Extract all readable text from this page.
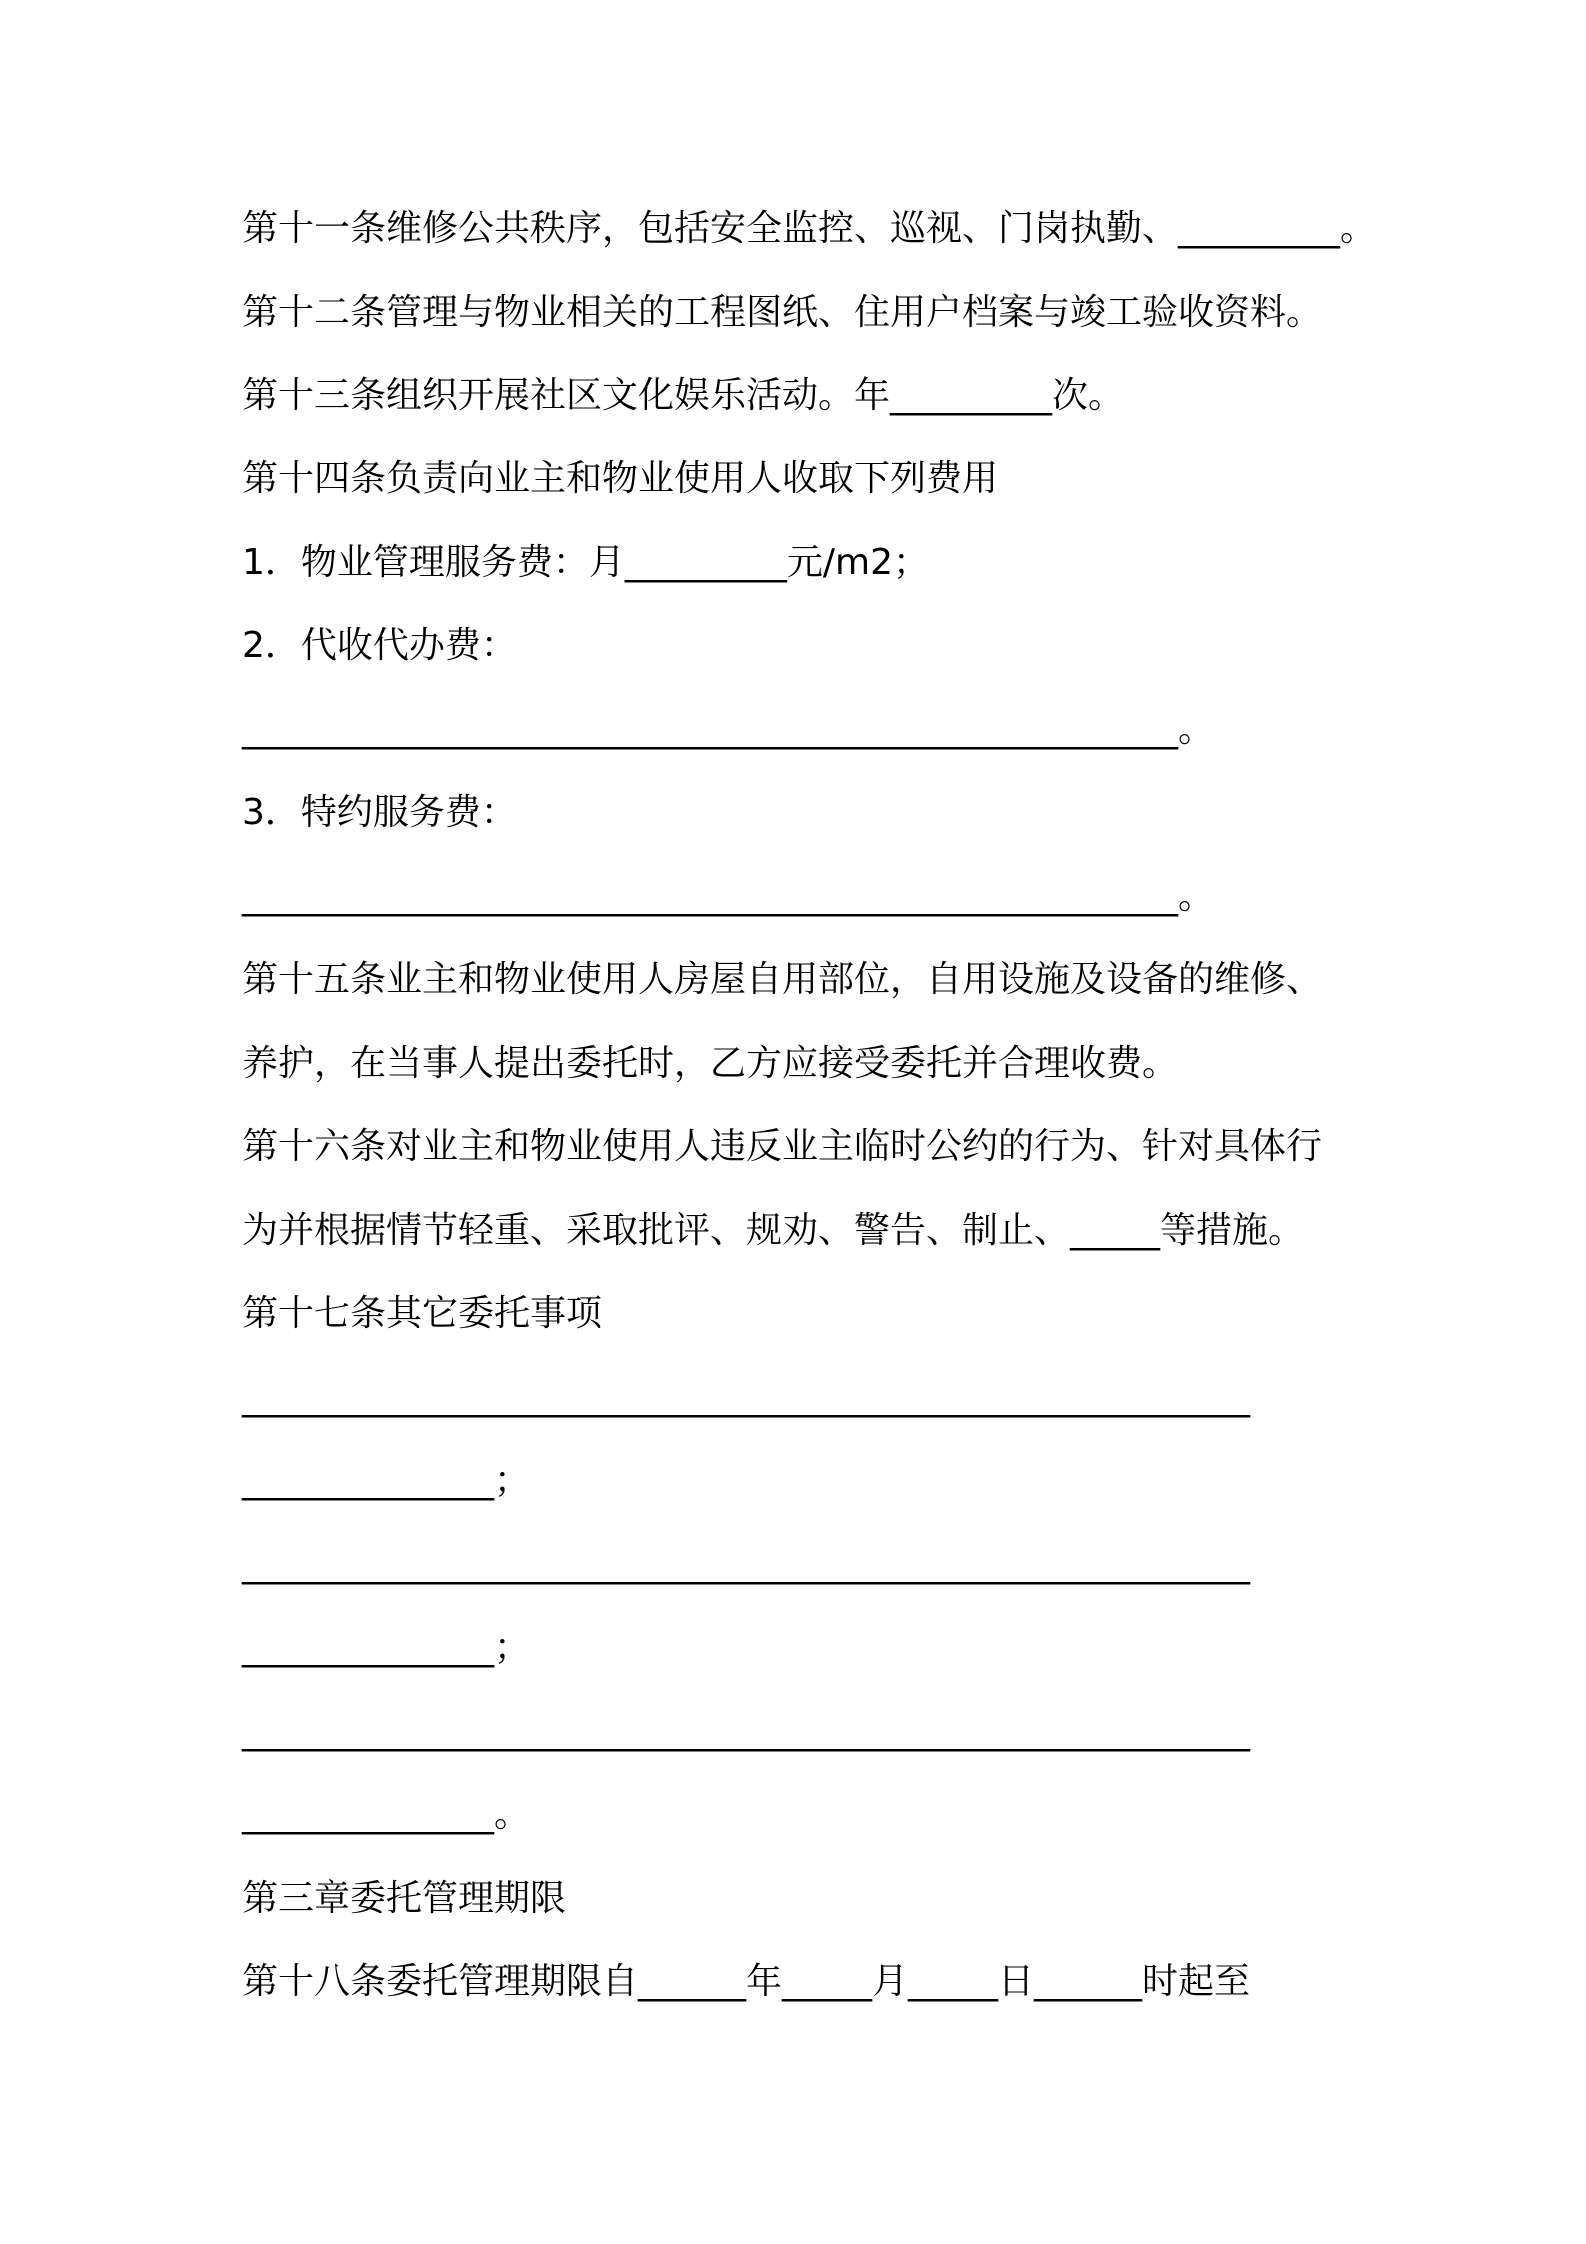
第十一条维修公共秩序，包括安全监控、巡视、门岗执勤、_________。
第十二条管理与物业相关的工程图纸、住用户档案与竣工验收资料。
第十三条组织开展社区文化娱乐活动。年_________次。
第十四条负责向业主和物业使用人收取下列费用
1．物业管理服务费：月_________元/m2；
2．代收代办费：
____________________________________________________。
3．特约服务费：
____________________________________________________。
第十五条业主和物业使用人房屋自用部位，自用设施及设备的维修、
养护，在当事人提出委托时，乙方应接受委托并合理收费。
第十六条对业主和物业使用人违反业主临时公约的行为、针对具体行
为并根据情节轻重、采取批评、规劝、警告、制止、_____等措施。
第十七条其它委托事项
________________________________________________________
______________；
________________________________________________________
______________；
________________________________________________________
______________。
第三章委托管理期限
第十八条委托管理期限自______年_____月_____日______时起至
